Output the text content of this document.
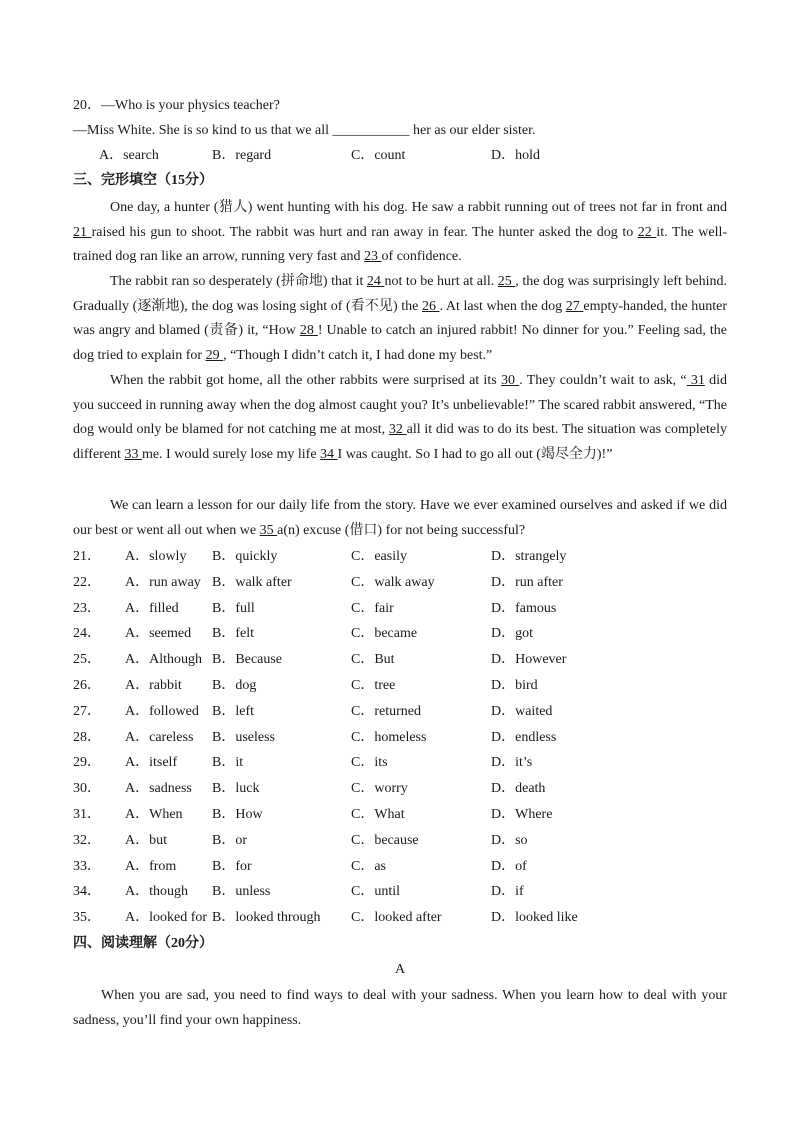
20．—Who is your physics teacher?
—Miss White. She is so kind to us that we all ___________ her as our elder sister.
A．search	B．regard	C．count	D．hold
三、完形填空（15分）
One day, a hunter (猎人) went hunting with his dog. He saw a rabbit running out of trees not far in front and 21 raised his gun to shoot. The rabbit was hurt and ran away in fear. The hunter asked the dog to 22 it. The well-trained dog ran like an arrow, running very fast and 23 of confidence.
The rabbit ran so desperately (拼命地) that it 24 not to be hurt at all. 25 , the dog was surprisingly left behind. Gradually (逐渐地), the dog was losing sight of (看不见) the 26 . At last when the dog 27 empty-handed, the hunter was angry and blamed (责备) it, “How 28 ! Unable to catch an injured rabbit! No dinner for you.” Feeling sad, the dog tried to explain for 29 , “Though I didn’t catch it, I had done my best.”
When the rabbit got home, all the other rabbits were surprised at its 30 . They couldn’t wait to ask, “ 31 did you succeed in running away when the dog almost caught you? It’s unbelievable!” The scared rabbit answered, “The dog would only be blamed for not catching me at most, 32 all it did was to do its best. The situation was completely different 33 me. I would surely lose my life 34 I was caught. So I had to go all out (竭尽全力)!”
We can learn a lesson for our daily life from the story. Have we ever examined ourselves and asked if we did our best or went all out when we 35 a(n) excuse (借口) for not being successful?
21． A．slowly B．quickly	C．easily	D．strangely
22． A．run away B．walk after	C．walk away	D．run after
23． A．filled B．full	C．fair	D．famous
24． A．seemed B．felt	C．became	D．got
25． A．Although B．Because	C．But	D．However
26． A．rabbit B．dog	C．tree	D．bird
27． A．followed B．left	C．returned	D．waited
28． A．careless B．useless	C．homeless	D．endless
29． A．itself B．it	C．its	D．it’s
30． A．sadness B．luck	C．worry	D．death
31． A．When B．How	C．What	D．Where
32． A．but	B．or	C．because	D．so
33． A．from	B．for	C．as	D．of
34． A．though B．unless	C．until	D．if
35． A．looked for B．looked through C．looked after	D．looked like
四、阅读理解（20分）
A
When you are sad, you need to find ways to deal with your sadness. When you learn how to deal with your sadness, you’ll find your own happiness.
